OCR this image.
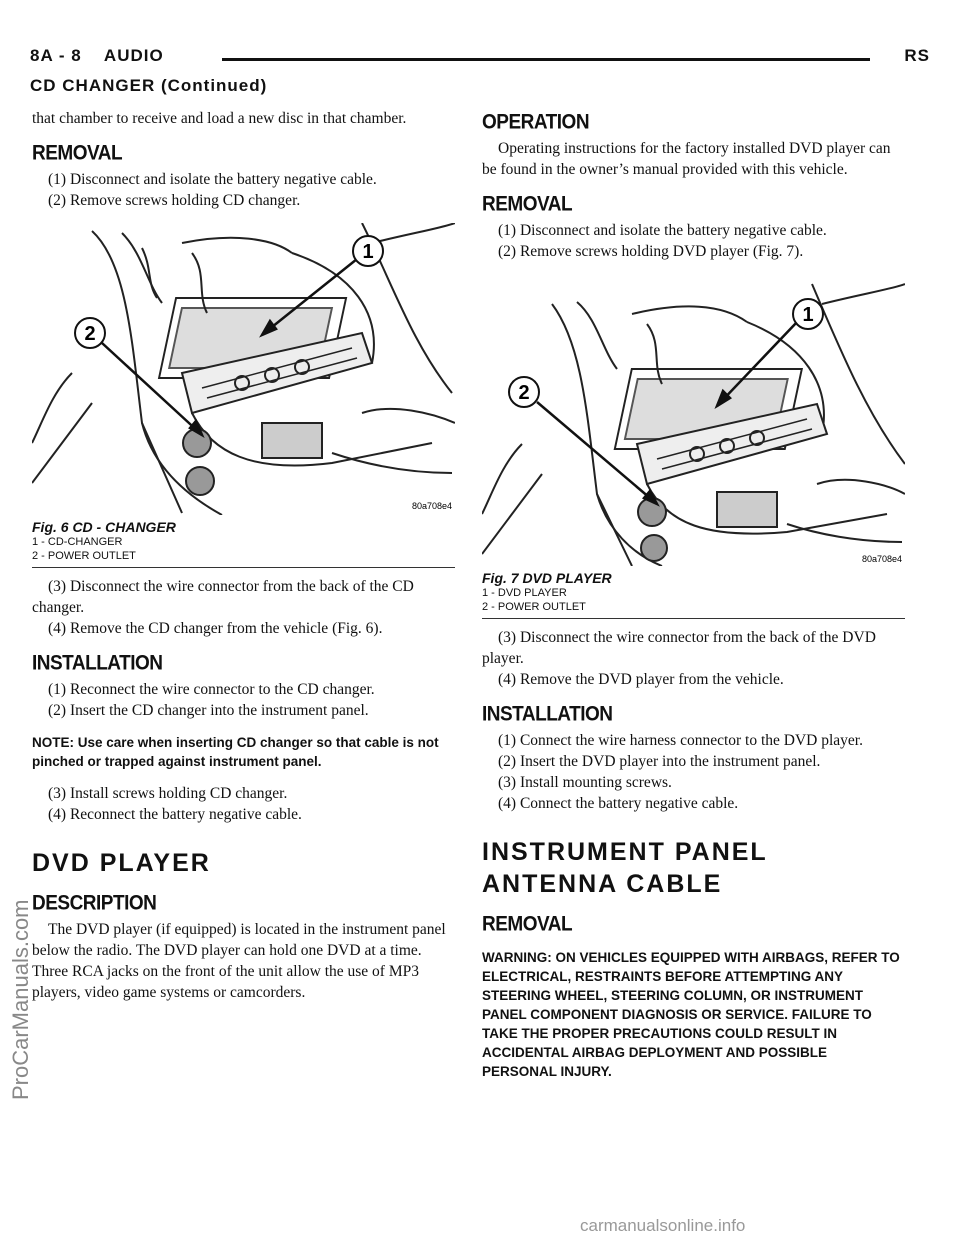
8A - 8    AUDIO	RS
CD CHANGER (Continued)
ProCarManuals.com
carmanualsonline.info

that chamber to receive and load a new disc in that chamber.

REMOVAL

(1) Disconnect and isolate the battery negative cable.

(2) Remove screws holding CD changer.

1
2
80a708e4
Fig. 6 CD - CHANGER
1 - CD-CHANGER
2 - POWER OUTLET

(3) Disconnect the wire connector from the back of the CD changer.

(4) Remove the CD changer from the vehicle (Fig. 6).

INSTALLATION

(1) Reconnect the wire connector to the CD changer.

(2) Insert the CD changer into the instrument panel.

NOTE: Use care when inserting CD changer so that cable is not pinched or trapped against instrument panel.

(3) Install screws holding CD changer.

(4) Reconnect the battery negative cable.

DVD PLAYER
DESCRIPTION

The DVD player (if equipped) is located in the instrument panel below the radio. The DVD player can hold one DVD at a time. Three RCA jacks on the front of the unit allow the use of MP3 players, video game systems or camcorders.

OPERATION

Operating instructions for the factory installed DVD player can be found in the owner’s manual provided with this vehicle.

REMOVAL

(1) Disconnect and isolate the battery negative cable.

(2) Remove screws holding DVD player (Fig. 7).

1
2
80a708e4
Fig. 7 DVD PLAYER
1 - DVD PLAYER
2 - POWER OUTLET

(3) Disconnect the wire connector from the back of the DVD player.

(4) Remove the DVD player from the vehicle.

INSTALLATION

(1) Connect the wire harness connector to the DVD player.

(2) Insert the DVD player into the instrument panel.

(3) Install mounting screws.

(4) Connect the battery negative cable.

INSTRUMENT PANEL ANTENNA CABLE
REMOVAL
WARNING: ON VEHICLES EQUIPPED WITH AIRBAGS, REFER TO ELECTRICAL, RESTRAINTS BEFORE ATTEMPTING ANY STEERING WHEEL, STEERING COLUMN, OR INSTRUMENT PANEL COMPONENT DIAGNOSIS OR SERVICE. FAILURE TO TAKE THE PROPER PRECAUTIONS COULD RESULT IN ACCIDENTAL AIRBAG DEPLOYMENT AND POSSIBLE PERSONAL INJURY.
